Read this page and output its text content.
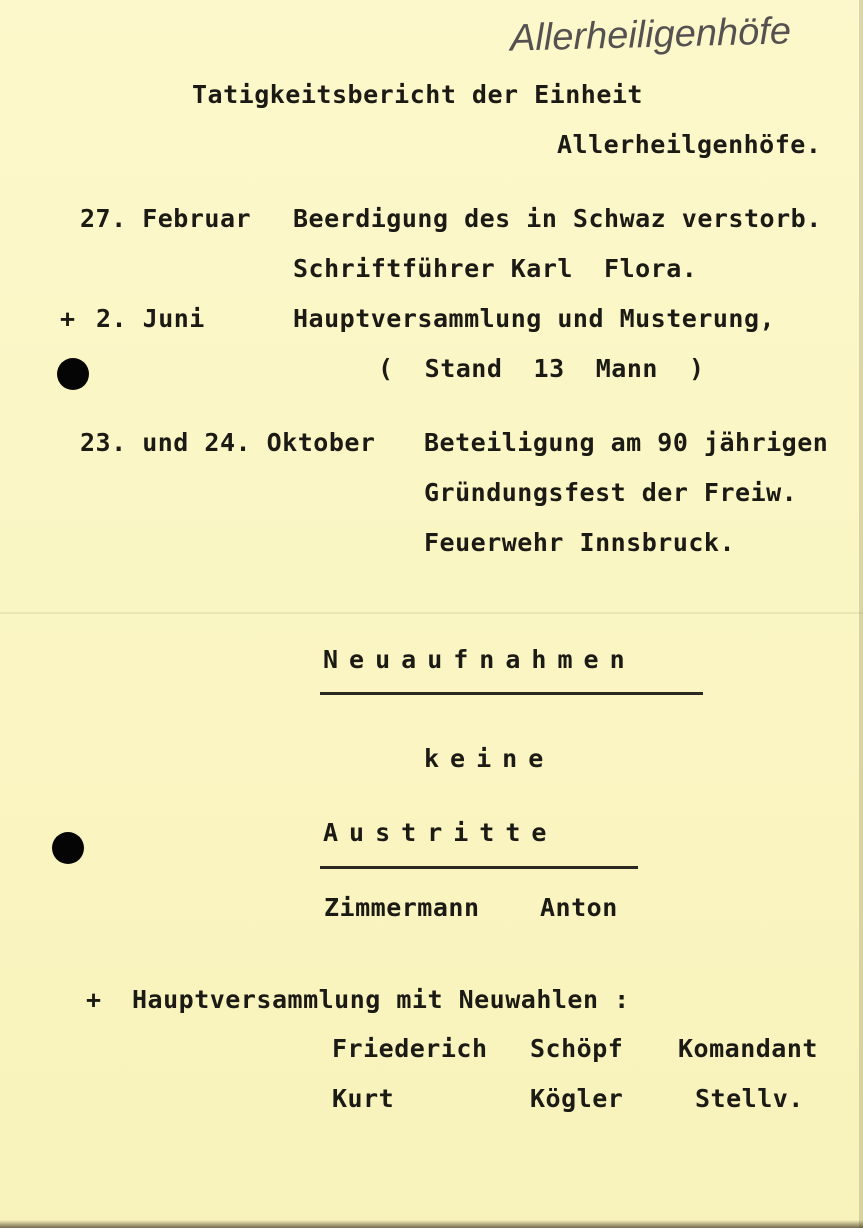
Allerheiligenhöfe
Tatigkeitsbericht der Einheit
Allerheilgenhöfe.
27. Februar Beerdigung des in Schwaz verstorb.
Schriftführer Karl  Flora.
+ 2. Juni	Hauptversammlung und Musterung,
(  Stand  13  Mann  )
23. und 24. Oktober Beteiligung am 90 jährigen
Gründungsfest der Freiw.
Feuerwehr Innsbruck.
Neuaufnahmen
keine
Austritte
Zimmermann Anton
+ Hauptversammlung mit Neuwahlen :
Friederich Schöpf Komandant
Kurt	Kögler	Stellv.
